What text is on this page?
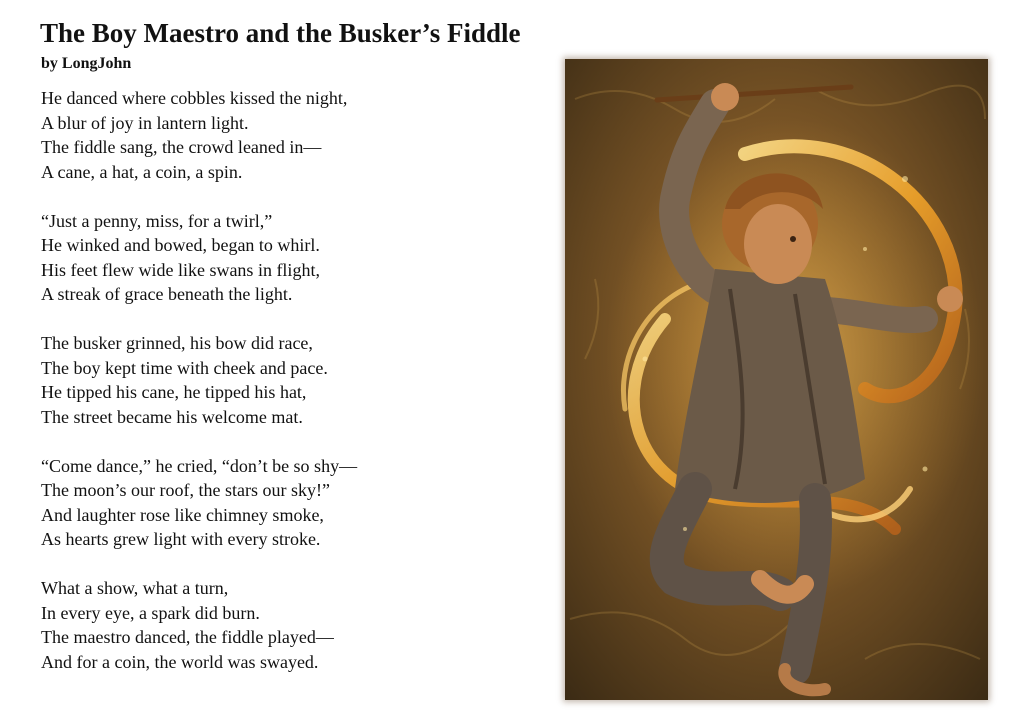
The Boy Maestro and the Busker’s Fiddle
by LongJohn
He danced where cobbles kissed the night,
A blur of joy in lantern light.
The fiddle sang, the crowd leaned in—
A cane, a hat, a coin, a spin.
“Just a penny, miss, for a twirl,”
He winked and bowed, began to whirl.
His feet flew wide like swans in flight,
A streak of grace beneath the light.
The busker grinned, his bow did race,
The boy kept time with cheek and pace.
He tipped his cane, he tipped his hat,
The street became his welcome mat.
“Come dance,” he cried, “don’t be so shy—
The moon’s our roof, the stars our sky!”
And laughter rose like chimney smoke,
As hearts grew light with every stroke.
What a show, what a turn,
In every eye, a spark did burn.
The maestro danced, the fiddle played—
And for a coin, the world was swayed.
